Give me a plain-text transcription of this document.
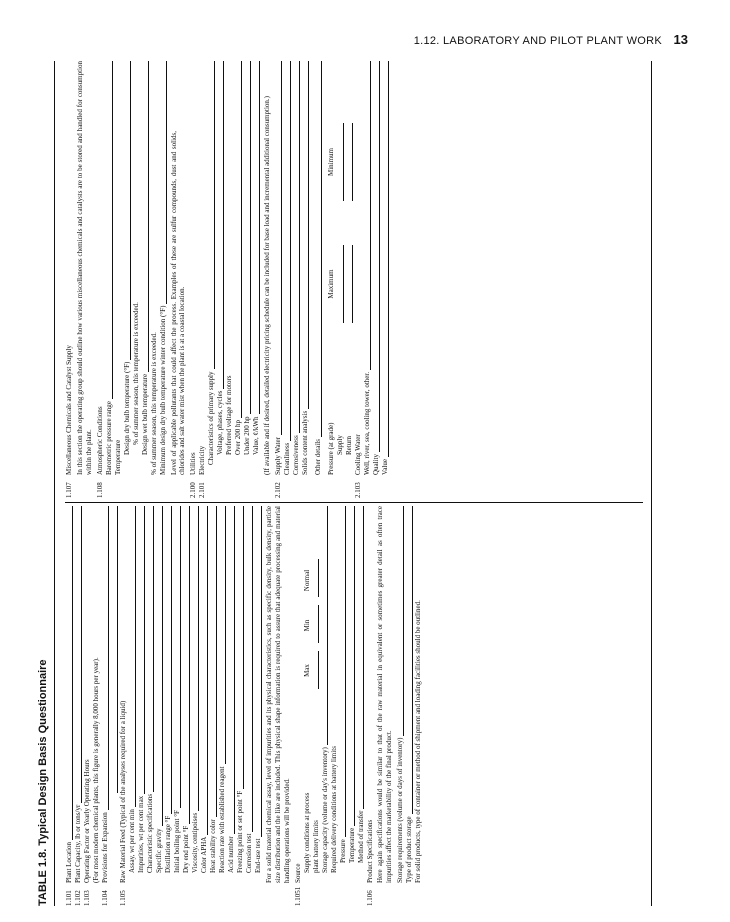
1.12. LABORATORY AND PILOT PLANT WORK 13
TABLE 1.8. Typical Design Basis Questionnaire 1.101
Plant Location
1.102
Plant Capacity, lb or tons/yr
1.103
Operating Factor or Yearly Operating Hours (For most modern chemical plants, this figure is generally 8,000 hours per year).
1.104
Provisions for Expansion
1.105
Raw Material Feed (Typical of the analyses required for a liquid) Assay, wt per cent min Impurities, wt per cent max Characteristic specifications Specific gravity Distillation range °F Initial boiling point °F Dry end point °F Viscosity, centipoises Color APHA Heat stability color Reaction rate with established reagent Acid number Freezing point or set point °F Corrosion test End-use test For a solid material chemical assay, level of impurities and its physical characteristics, such as specific density, bulk density, particle size distribution and the like are included. This physical shape information is required to assure that adequate processing and material handling operations will be provided.
1.1051
Source
Supply conditions at process
Max
Min
Normal
plant battery limits Storage capacity (volume or day's inventory) Required delivery conditions at battery limits Pressure Temperature Method of transfer
1.106
Product Specifications Here again specifications would be similar to that of the raw material in equivalent or sometimes greater detail as often trace impurities affect the marketability of the final product. Storage requirements (volume or days of inventory) Type of product storage For solid products, type of container or method of shipment and loading facilities should be outlined.
1.107
Miscellaneous Chemicals and Catalyst Supply In this section the operating group should outline how various miscellaneous chemicals and catalysts are to be stored and handled for consumption within the plant.
1.108
Atmospheric Conditions Barometric pressure range Temperature
Design dry bulb temperature (°F) % of summer season, this temperature is exceeded. Design wet bulb temperature % of summer season, this temperature is exceeded. Minimum design dry bulb temperature winter condition (°F) Level of applicable pollutants that could affect the process. Examples of these are sulfur compounds, dust and solids, chlorides and salt water mist when the plant is at a coastal location.
2.100
Utilities
2.101
Electricity Characteristics of primary supply Voltage, phases, cycles Preferred voltage for motors Over 200 hp Under 200 hp Value, ¢/kWh (If available and if desired, detailed electricity pricing schedule can be included for base load and incremental additional consumption.)
2.102
Supply Water Cleanliness Corrosiveness Solids content analysis Other details Pressure (at grade)
Maximum
Minimum
Supply Return
2.103
Cooling Water Well, river, sea, cooling tower, other. Quality Value
